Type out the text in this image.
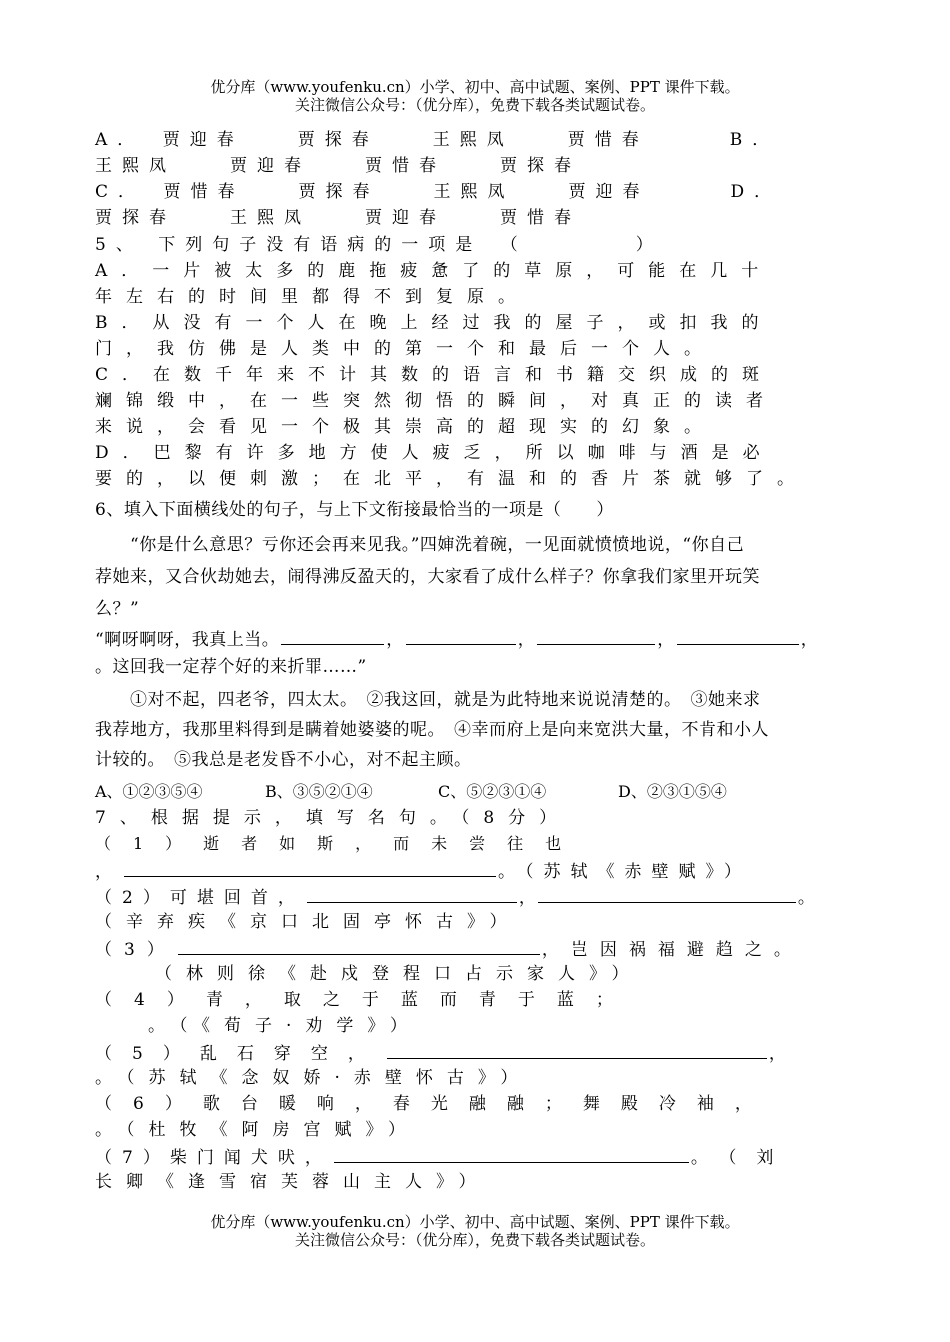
优分库（www.youfenku.cn）小学、初中、高中试题、案例、PPT 课件下载。
关注微信公众号：（优分库），免费下载各类试题试卷。
A．　贾迎春　　贾探春　　王熙凤　　贾惜春　　　B．
王熙凤　　贾迎春　　贾惜春　　贾探春
C．　贾惜春　　贾探春　　王熙凤　　贾迎春　　　D．
贾探春　　王熙凤　　贾迎春　　贾惜春
5、 下列句子没有语病的一项是　（　　　　）
A．一片被太多的鹿拖疲惫了的草原，可能在几十
年左右的时间里都得不到复原。
B．从没有一个人在晚上经过我的屋子，或扣我的
门，我仿佛是人类中的第一个和最后一个人。
C．在数千年来不计其数的语言和书籍交织成的斑
斓锦缎中，在一些突然彻悟的瞬间，对真正的读者
来说，会看见一个极其崇高的超现实的幻象。
D．巴黎有许多地方使人疲乏，所以咖啡与酒是必
要的，以便刺激；在北平，有温和的香片茶就够了。
6、填入下面横线处的句子，与上下文衔接最恰当的一项是（　　）
　　“你是什么意思？亏你还会再来见我。”四婶洗着碗，一见面就愤愤地说，“你自己
荐她来，又合伙劫她去，闹得沸反盈天的，大家看了成什么样子？你拿我们家里开玩笑
么？”
“啊呀啊呀，我真上当。	，	，	，	，
。这回我一定荐个好的来折罪……”
　　①对不起，四老爷，四太太。　②我这回，就是为此特地来说说清楚的。　③她来求
我荐地方，我那里料得到是瞒着她婆婆的呢。　④幸而府上是向来宽洪大量，不肯和小人
计较的。　⑤我总是老发昏不小心，对不起主顾。
A、①②③⑤④	B、③⑤②①④	C、⑤②③①④	D、②③①⑤④
7、根据提示，填写名句。（8分）
（1）逝者如斯，而未尝往也
，	。（苏轼《赤壁赋》）
（2）可堪回首，	，	。
（辛弃疾《京口北固亭怀古》）
（3）	，岂因祸福避趋之。
（林则徐《赴戍登程口占示家人》）
（4）青，取之于蓝而青于蓝；
。（《荀子·劝学》）
（5）乱石穿空，	，
。（苏轼《念奴娇·赤壁怀古》）
（6）歌台暖响，春光融融；舞殿冷袖，
。（杜牧《阿房宫赋》）
（7）柴门闻犬吠，	。（刘
长卿《逢雪宿芙蓉山主人》）
优分库（www.youfenku.cn）小学、初中、高中试题、案例、PPT 课件下载。
关注微信公众号：（优分库），免费下载各类试题试卷。
